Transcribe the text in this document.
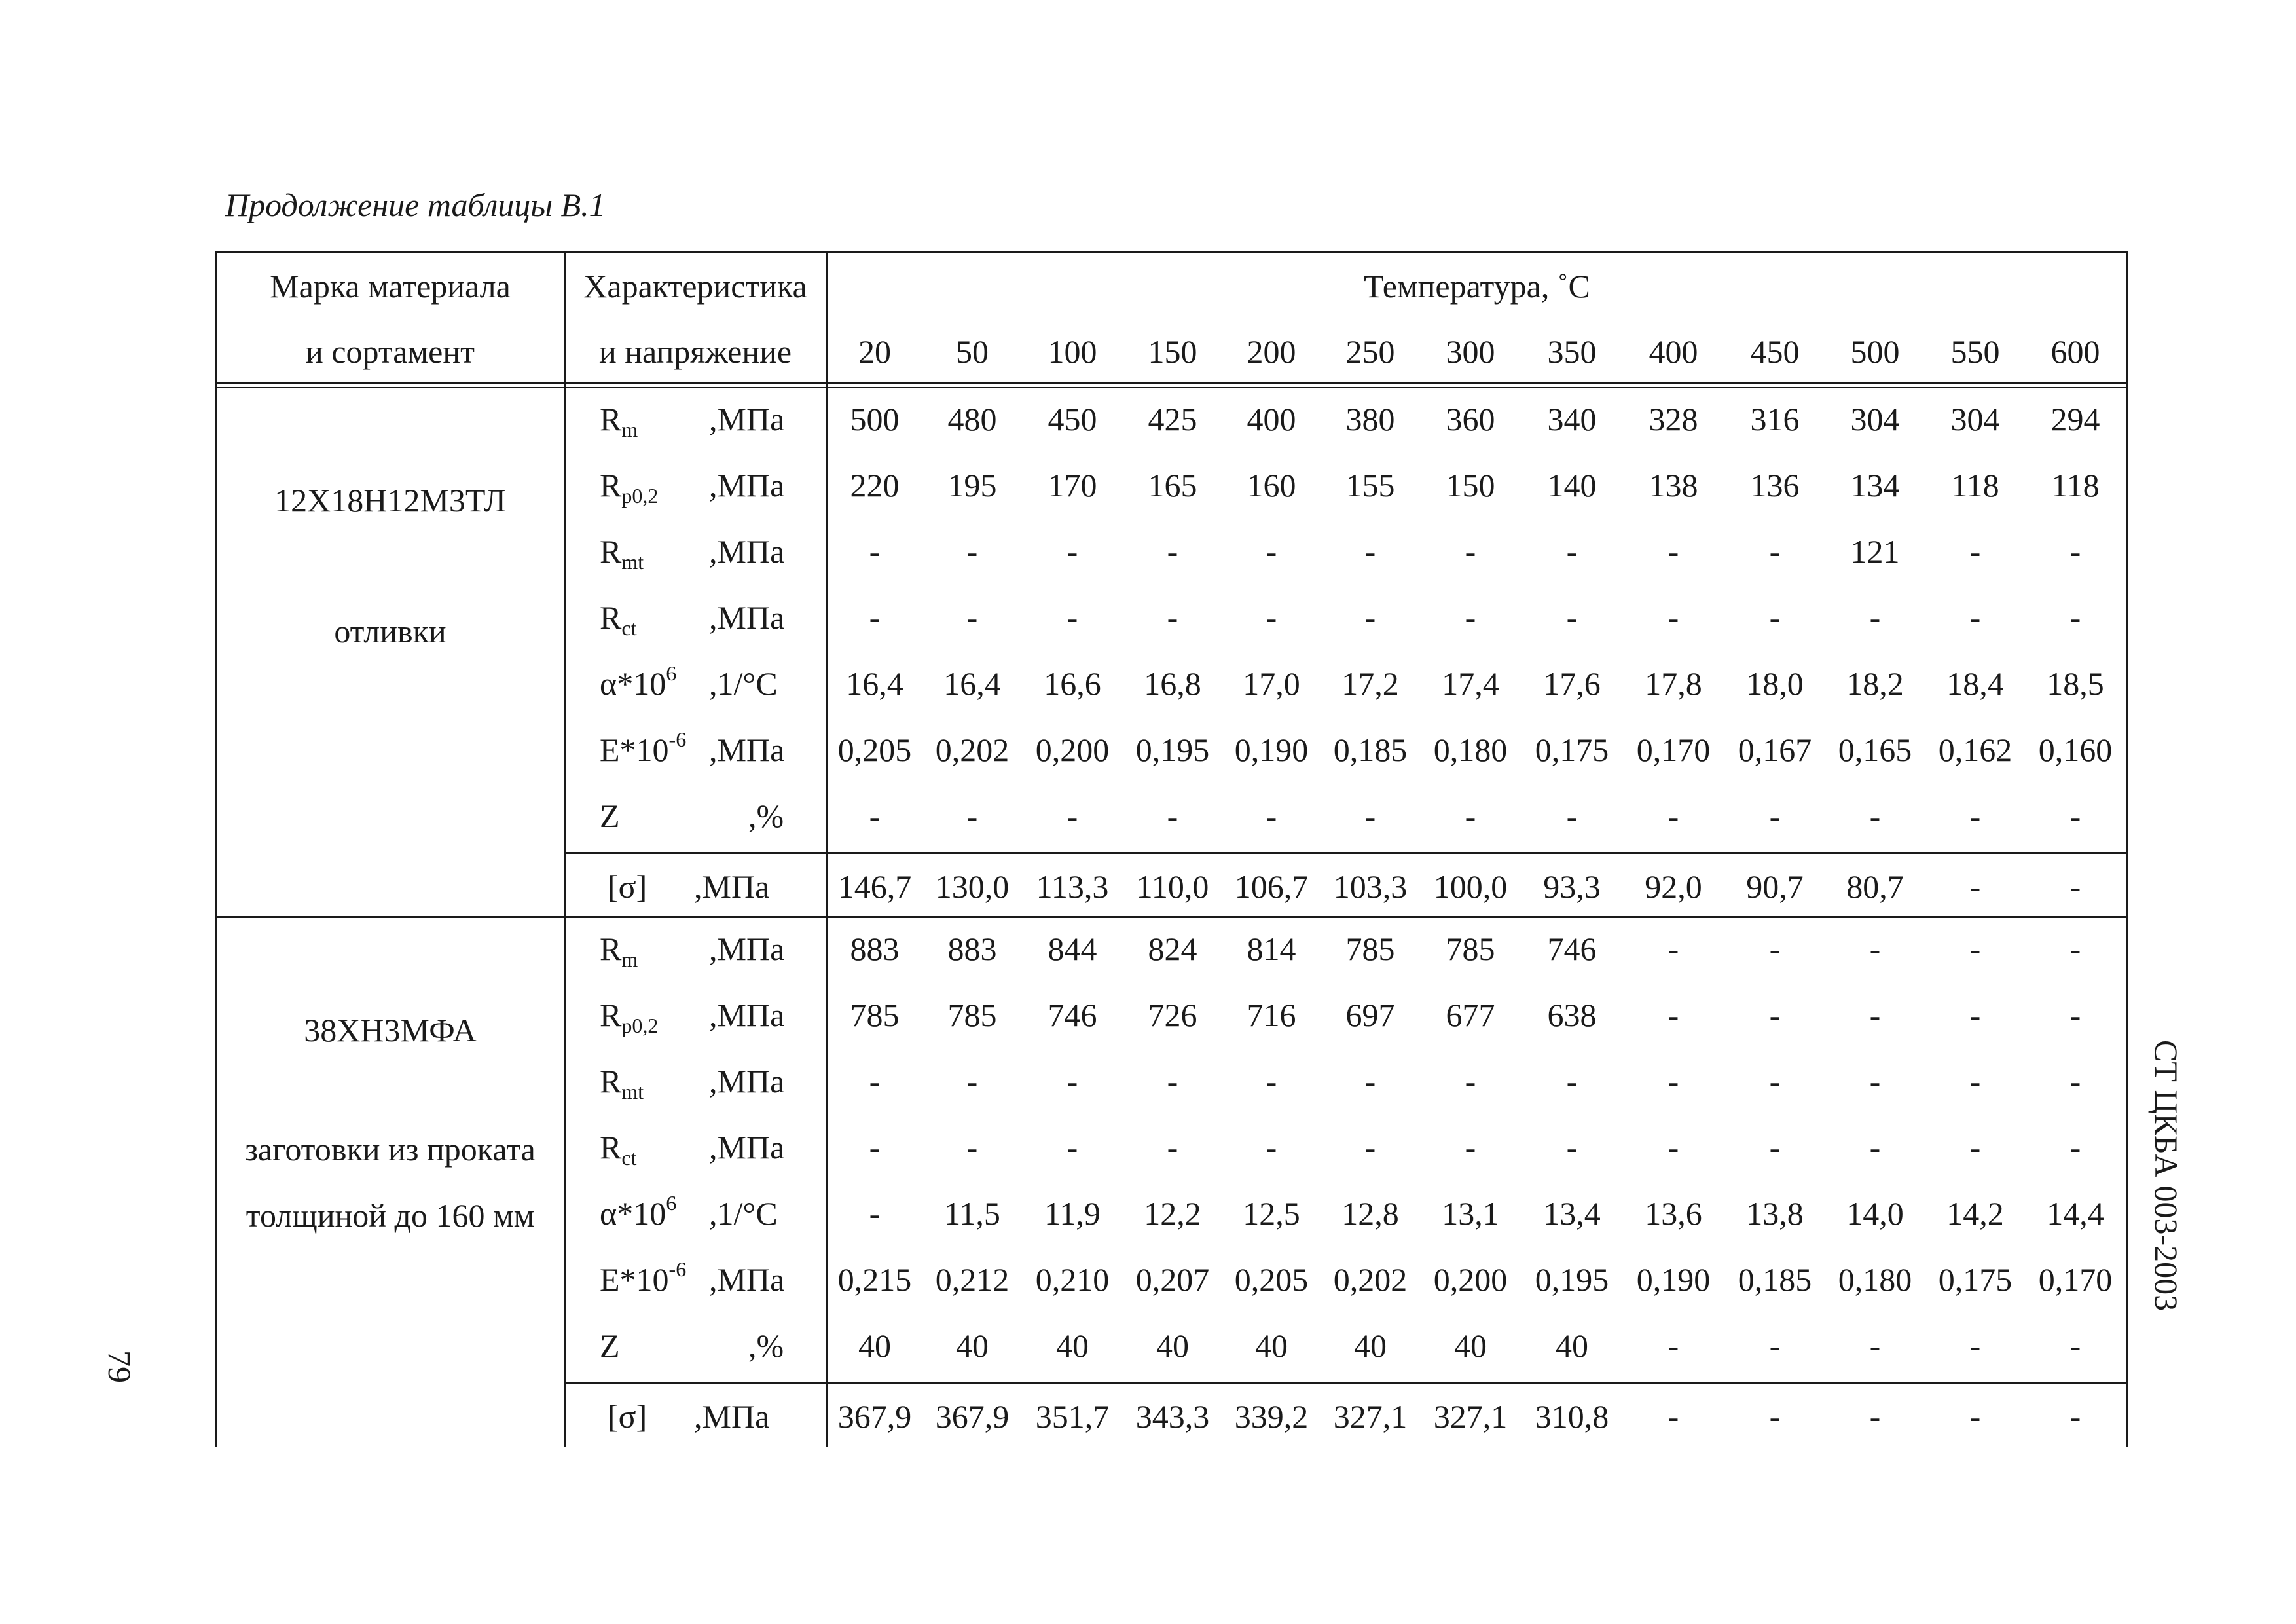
Продолжение таблицы В.1
Марка материала
и сортамент
Характеристика
и напряжение
Температура, ˚С
20 50 100 150 200 250 300 350 400 450 500 550 600
12Х18Н12М3ТЛ
отливки
$R_m$ ,МПа 500 480 450 425 400 380 360 340 328 316 304 304 294
$R_{p0,2}$ ,МПа 220 195 170 165 160 155 150 140 138 136 134 118 118
$R_{mt}$ ,МПа	-	-	-	-	-	-	-	-	-	- 121 -	-
$R_{ct}$ ,МПа	-	-	-	-	-	-	-	-	-	-	-	-	-
$\alpha*10^6$ ,1/°С 16,4 16,4 16,6 16,8 17,0 17,2 17,4 17,6 17,8 18,0 18,2 18,4 18,5
$Е*10^{-6}$ ,МПа 0,205 0,202 0,200 0,195 0,190 0,185 0,180 0,175 0,170 0,167 0,165 0,162 0,160
Z	,%	-	-	-	-	-	-	-	-	-	-	-	-	-
[σ] ,МПа 146,7 130,0 113,3 110,0 106,7 103,3 100,0 93,3 92,0 90,7 80,7 -	-
38ХН3МФА
заготовки из проката
толщиной до 160 мм
$R_m$ ,МПа 883 883 844 824 814 785 785 746 -	-	-	-	-
$R_{p0,2}$ ,МПа 785 785 746 726 716 697 677 638 -	-	-	-	-
$R_{mt}$ ,МПа	-	-	-	-	-	-	-	-	-	-	-	-	-
$R_{ct}$ ,МПа	-	-	-	-	-	-	-	-	-	-	-	-	-
$\alpha*10^6$ ,1/°С	- 11,5 11,9 12,2 12,5 12,8 13,1 13,4 13,6 13,8 14,0 14,2 14,4
$Е*10^{-6}$ ,МПа 0,215 0,212 0,210 0,207 0,205 0,202 0,200 0,195 0,190 0,185 0,180 0,175 0,170
Z	,% 40 40 40 40 40 40 40 40 -	-	-	-	-
[σ] ,МПа 367,9 367,9 351,7 343,3 339,2 327,1 327,1 310,8 -	-	-	-	-
СТ ЦКБА 003-2003
79
